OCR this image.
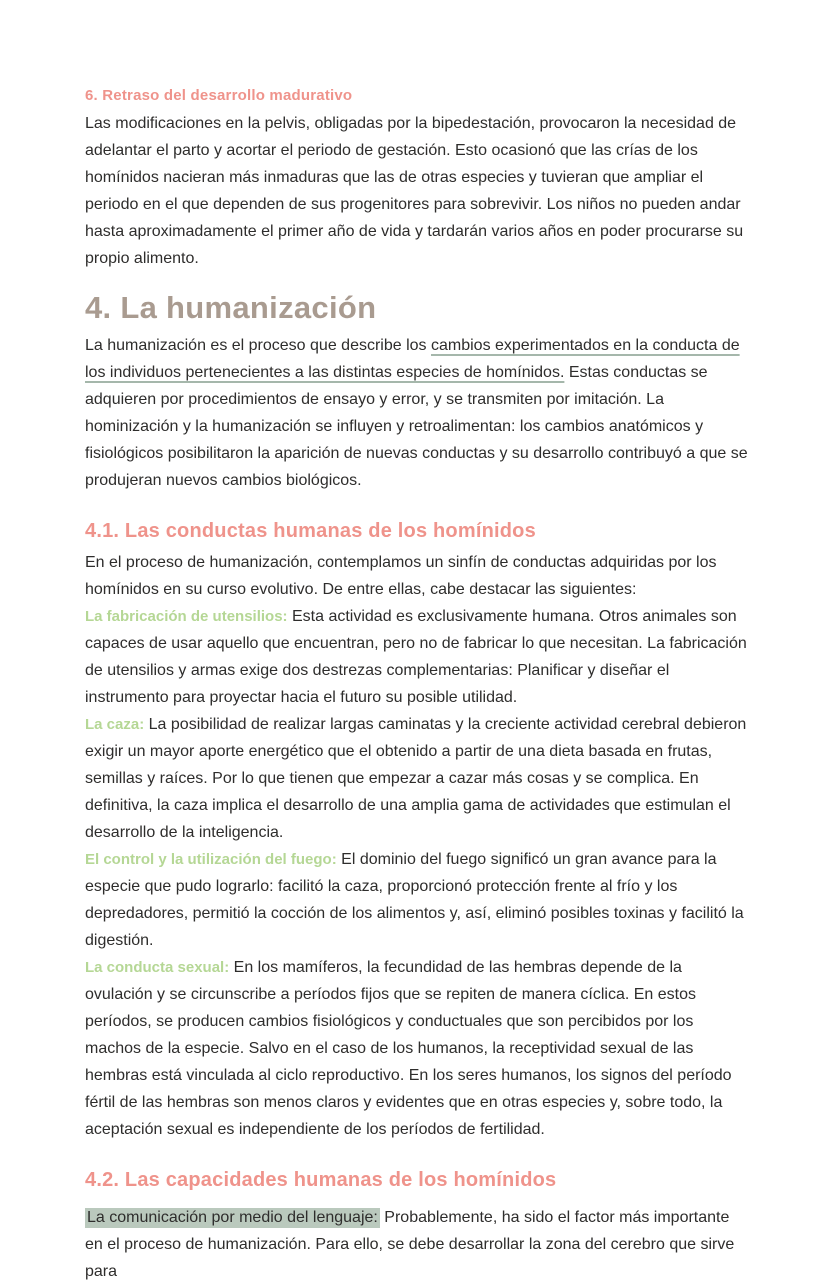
6. Retraso del desarrollo madurativo

Las modificaciones en la pelvis, obligadas por la bipedestación, provocaron la necesidad de adelantar el parto y acortar el periodo de gestación. Esto ocasionó que las crías de los homínidos nacieran más inmaduras que las de otras especies y tuvieran que ampliar el periodo en el que dependen de sus progenitores para sobrevivir. Los niños no pueden andar hasta aproximadamente el primer año de vida y tardarán varios años en poder procurarse su propio alimento.

4. La humanización

La humanización es el proceso que describe los cambios experimentados en la conducta de los individuos pertenecientes a las distintas especies de homínidos. Estas conductas se adquieren por procedimientos de ensayo y error, y se transmiten por imitación. La hominización y la humanización se influyen y retroalimentan: los cambios anatómicos y fisiológicos posibilitaron la aparición de nuevas conductas y su desarrollo contribuyó a que se produjeran nuevos cambios biológicos.

4.1. Las conductas humanas de los homínidos

En el proceso de humanización, contemplamos un sinfín de conductas adquiridas por los homínidos en su curso evolutivo. De entre ellas, cabe destacar las siguientes:

La fabricación de utensilios: Esta actividad es exclusivamente humana. Otros animales son capaces de usar aquello que encuentran, pero no de fabricar lo que necesitan. La fabricación de utensilios y armas exige dos destrezas complementarias: Planificar y diseñar el instrumento para proyectar hacia el futuro su posible utilidad.

La caza: La posibilidad de realizar largas caminatas y la creciente actividad cerebral debieron exigir un mayor aporte energético que el obtenido a partir de una dieta basada en frutas, semillas y raíces. Por lo que tienen que empezar a cazar más cosas y se complica. En definitiva, la caza implica el desarrollo de una amplia gama de actividades que estimulan el desarrollo de la inteligencia.

El control y la utilización del fuego: El dominio del fuego significó un gran avance para la especie que pudo lograrlo: facilitó la caza, proporcionó protección frente al frío y los depredadores, permitió la cocción de los alimentos y, así, eliminó posibles toxinas y facilitó la digestión.

La conducta sexual: En los mamíferos, la fecundidad de las hembras depende de la ovulación y se circunscribe a períodos fijos que se repiten de manera cíclica. En estos períodos, se producen cambios fisiológicos y conductuales que son percibidos por los machos de la especie. Salvo en el caso de los humanos, la receptividad sexual de las hembras está vinculada al ciclo reproductivo. En los seres humanos, los signos del período fértil de las hembras son menos claros y evidentes que en otras especies y, sobre todo, la aceptación sexual es independiente de los períodos de fertilidad.

4.2. Las capacidades humanas de los homínidos

La comunicación por medio del lenguaje: Probablemente, ha sido el factor más importante en el proceso de humanización. Para ello, se debe desarrollar la zona del cerebro que sirve para
